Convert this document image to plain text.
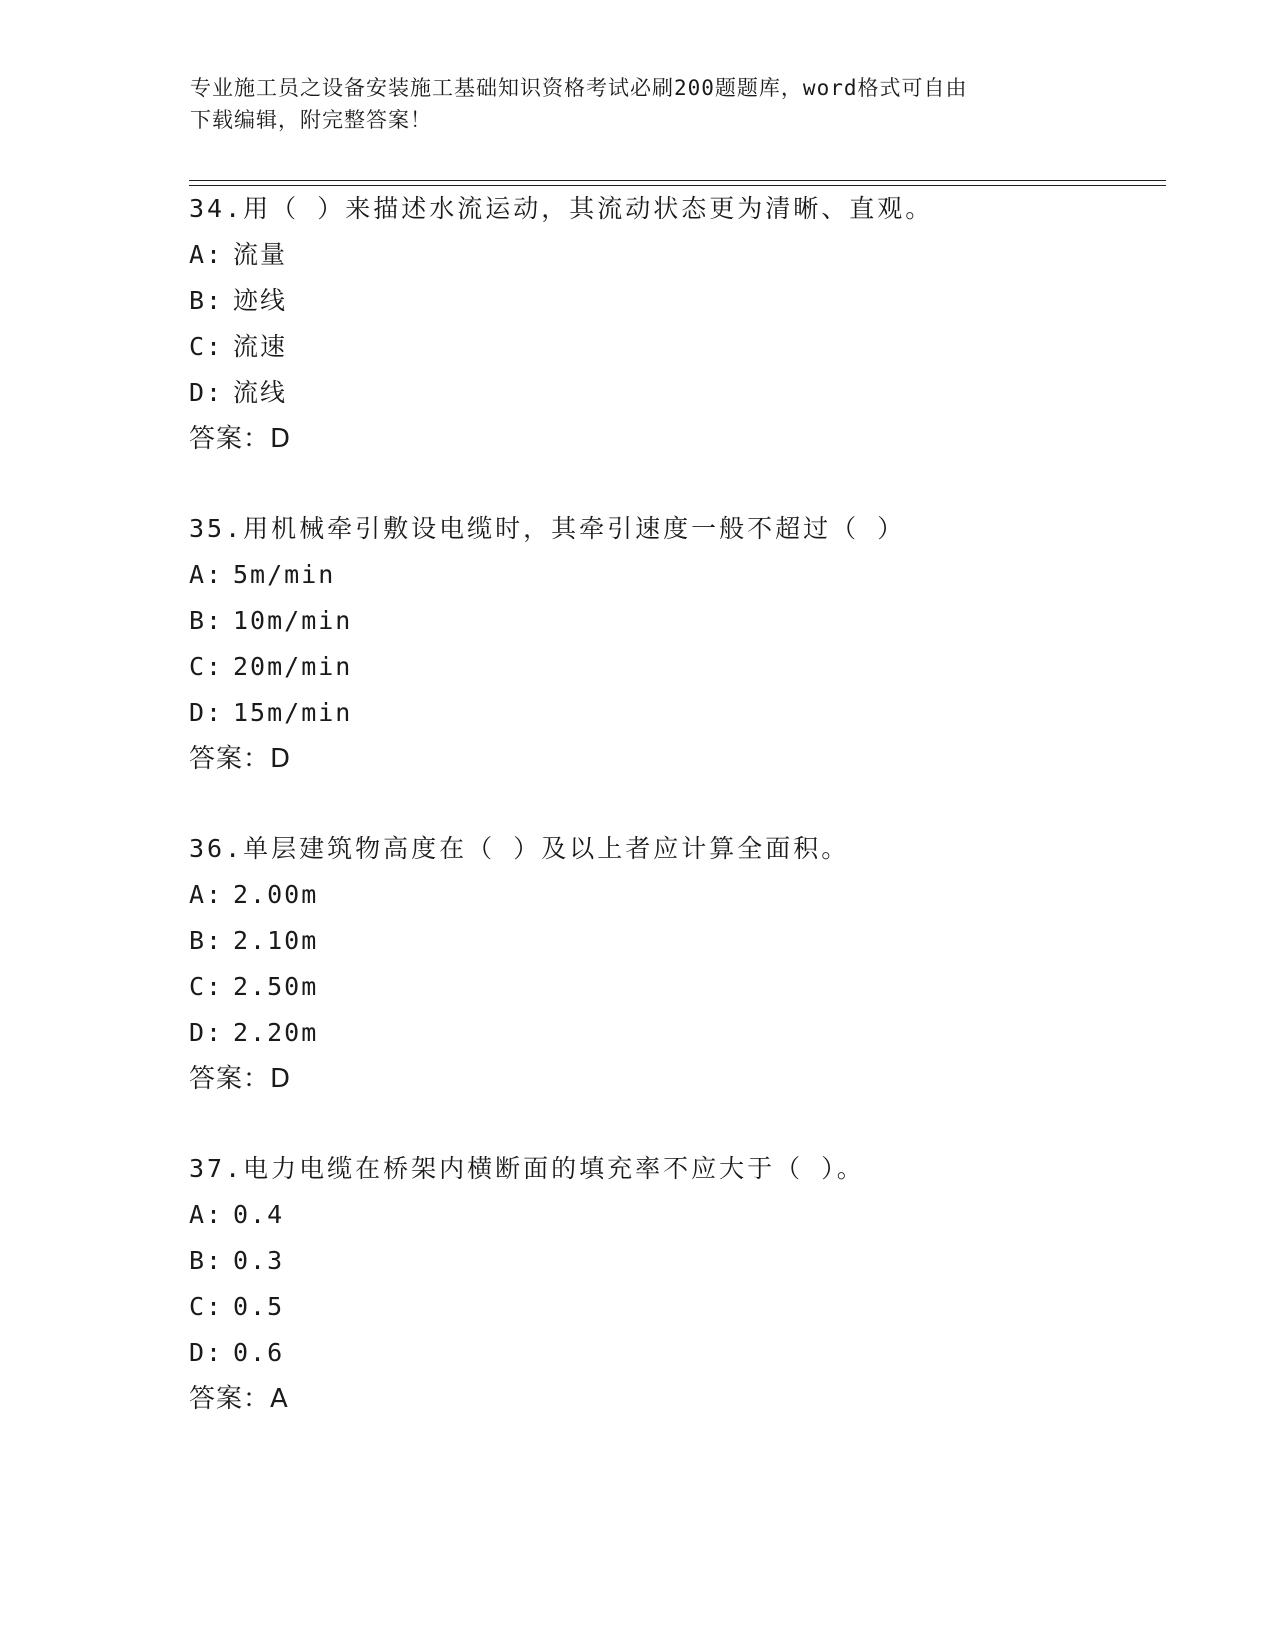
专业施工员之设备安装施工基础知识资格考试必刷200题题库，word格式可自由
下载编辑，附完整答案！
34.用（ ）来描述水流运动，其流动状态更为清晰、直观。
A: 流量
B: 迹线
C: 流速
D: 流线
答案：D
35.用机械牵引敷设电缆时，其牵引速度一般不超过（ ）
A: 5m/min
B: 10m/min
C: 20m/min
D: 15m/min
答案：D
36.单层建筑物高度在（ ）及以上者应计算全面积。
A: 2.00m
B: 2.10m
C: 2.50m
D: 2.20m
答案：D
37.电力电缆在桥架内横断面的填充率不应大于（ ）。
A: 0.4
B: 0.3
C: 0.5
D: 0.6
答案：A
